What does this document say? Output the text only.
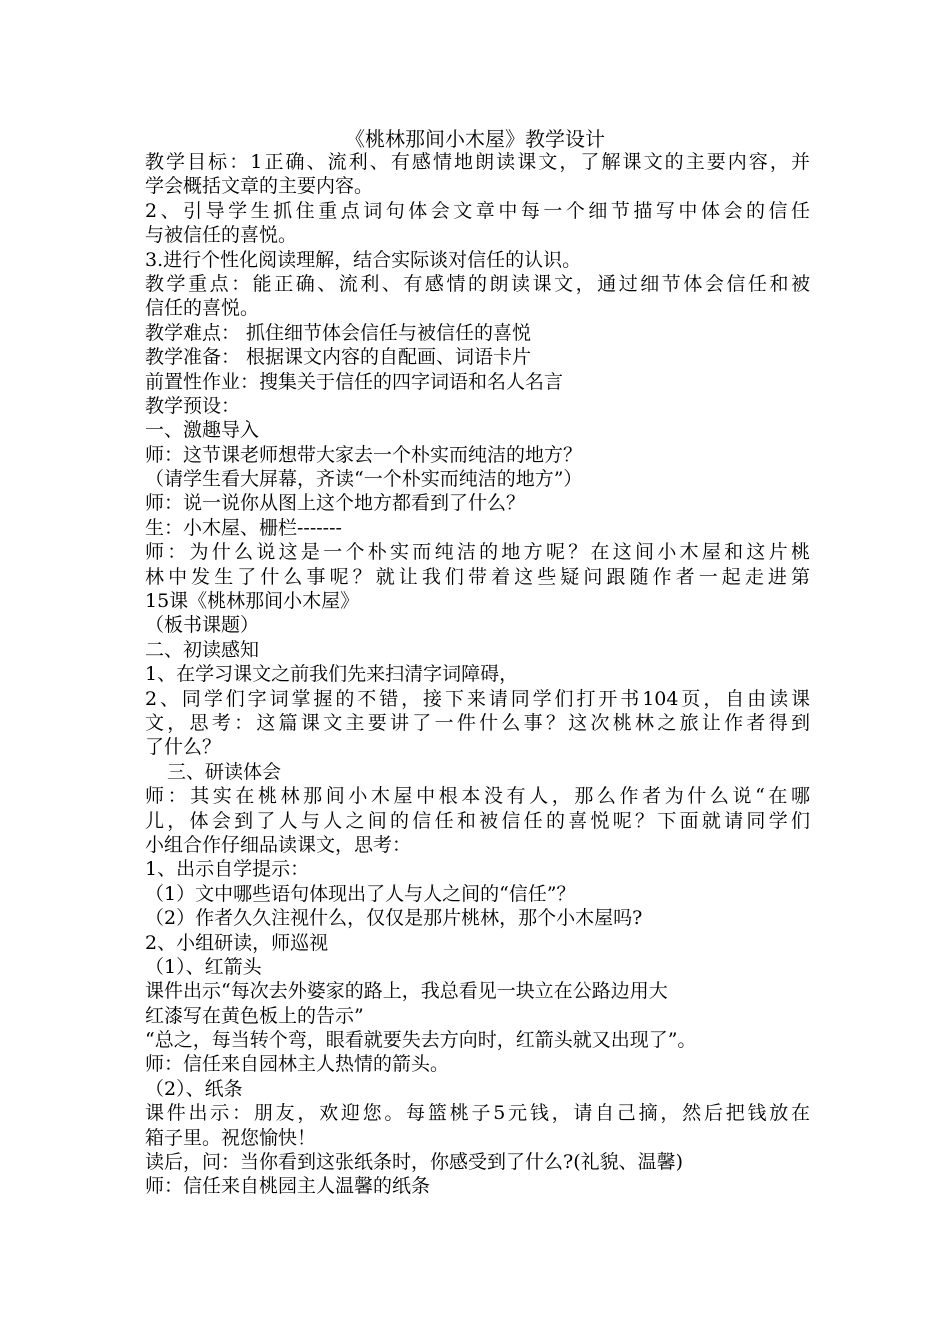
《桃林那间小木屋》教学设计
教学目标：1正确、流利、有感情地朗读课文，了解课文的主要内容，并
学会概括文章的主要内容。
2、引导学生抓住重点词句体会文章中每一个细节描写中体会的信任
与被信任的喜悦。
3.进行个性化阅读理解，结合实际谈对信任的认识。
教学重点：能正确、流利、有感情的朗读课文，通过细节体会信任和被
信任的喜悦。
教学难点： 抓住细节体会信任与被信任的喜悦
教学准备： 根据课文内容的自配画、词语卡片
前置性作业：搜集关于信任的四字词语和名人名言
教学预设：
一、激趣导入
师：这节课老师想带大家去一个朴实而纯洁的地方？
（请学生看大屏幕，齐读“一个朴实而纯洁的地方”）
师：说一说你从图上这个地方都看到了什么？
生：小木屋、栅栏-------
师：为什么说这是一个朴实而纯洁的地方呢？在这间小木屋和这片桃
林中发生了什么事呢？就让我们带着这些疑问跟随作者一起走进第
15课《桃林那间小木屋》
（板书课题）
二、初读感知
1、在学习课文之前我们先来扫清字词障碍，
2、同学们字词掌握的不错，接下来请同学们打开书104页，自由读课
文，思考：这篇课文主要讲了一件什么事？这次桃林之旅让作者得到
了什么？
三、研读体会
师：其实在桃林那间小木屋中根本没有人，那么作者为什么说“在哪
儿，体会到了人与人之间的信任和被信任的喜悦呢？下面就请同学们
小组合作仔细品读课文，思考：
1、出示自学提示：
（1）文中哪些语句体现出了人与人之间的“信任”？
（2）作者久久注视什么，仅仅是那片桃林，那个小木屋吗?
2、小组研读，师巡视
（1）、红箭头
课件出示“每次去外婆家的路上，我总看见一块立在公路边用大
红漆写在黄色板上的告示”
“总之，每当转个弯，眼看就要失去方向时，红箭头就又出现了”。
师：信任来自园林主人热情的箭头。
（2）、纸条
课件出示：朋友，欢迎您。每篮桃子5元钱，请自己摘，然后把钱放在
箱子里。祝您愉快！
读后，问：当你看到这张纸条时，你感受到了什么?(礼貌、温馨)
师：信任来自桃园主人温馨的纸条
